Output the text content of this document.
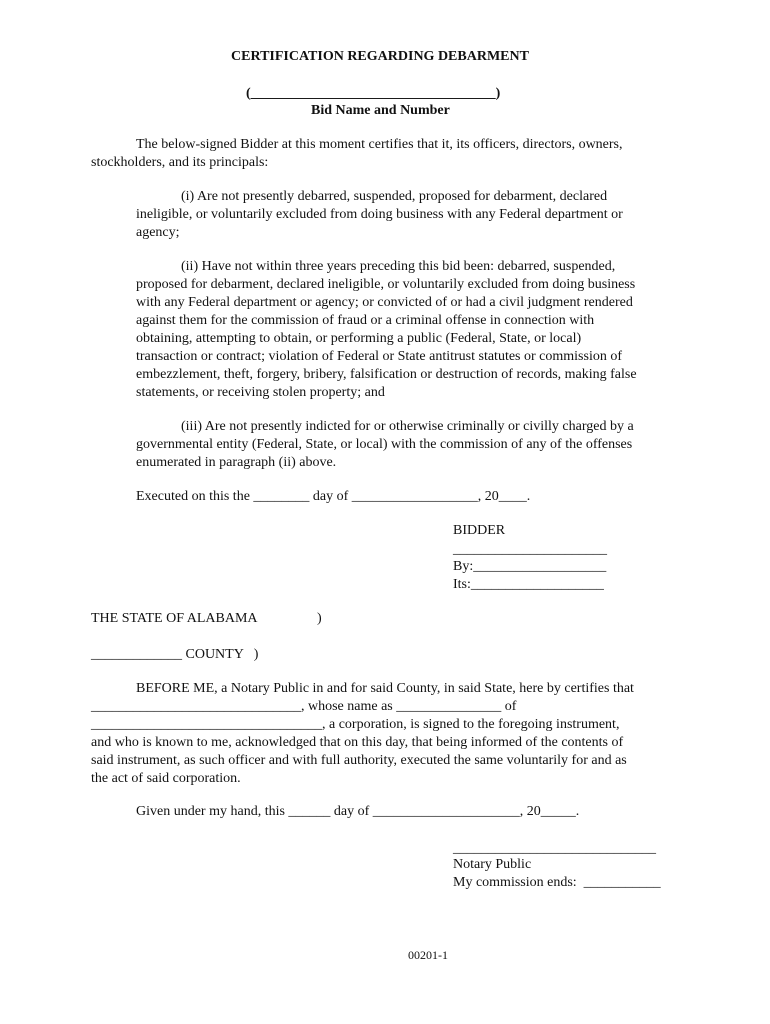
CERTIFICATION REGARDING DEBARMENT
(___________________________________)
Bid Name and Number
The below-signed Bidder at this moment certifies that it, its officers, directors, owners,
stockholders, and its principals:
(i) Are not presently debarred, suspended, proposed for debarment, declared
ineligible, or voluntarily excluded from doing business with any Federal department or
agency;
(ii) Have not within three years preceding this bid been: debarred, suspended,
proposed for debarment, declared ineligible, or voluntarily excluded from doing business
with any Federal department or agency; or convicted of or had a civil judgment rendered
against them for the commission of fraud or a criminal offense in connection with
obtaining, attempting to obtain, or performing a public (Federal, State, or local)
transaction or contract; violation of Federal or State antitrust statutes or commission of
embezzlement, theft, forgery, bribery, falsification or destruction of records, making false
statements, or receiving stolen property; and
(iii) Are not presently indicted for or otherwise criminally or civilly charged by a
governmental entity (Federal, State, or local) with the commission of any of the offenses
enumerated in paragraph (ii) above.
Executed on this the ________ day of __________________, 20____.
BIDDER
______________________
By:___________________
Its:___________________
THE STATE OF ALABAMA	)
_____________ COUNTY   )
BEFORE ME, a Notary Public in and for said County, in said State, here by certifies that
______________________________, whose name as _______________ of
_________________________________, a corporation, is signed to the foregoing instrument,
and who is known to me, acknowledged that on this day, that being informed of the contents of
said instrument, as such officer and with full authority, executed the same voluntarily for and as
the act of said corporation.
Given under my hand, this ______ day of _____________________, 20_____.
_____________________________
Notary Public
My commission ends:  ___________
00201-1
